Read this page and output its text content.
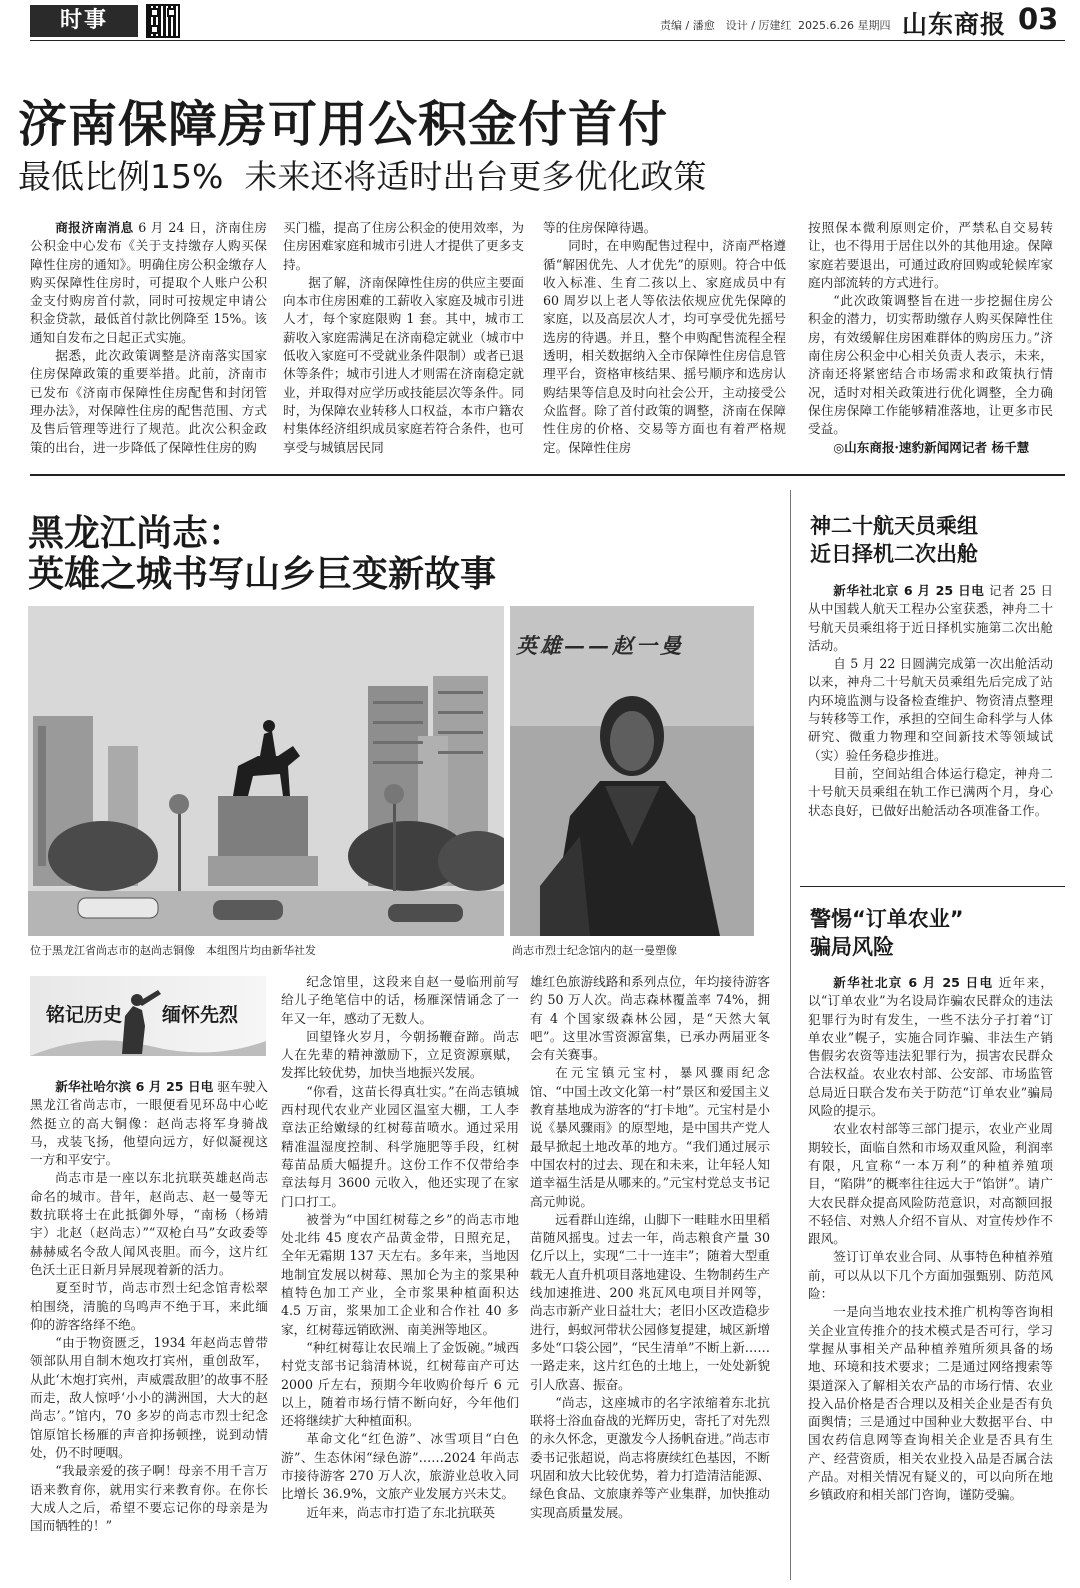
时事	责编 / 潘愈　设计 / 厉建红 2025.6.26 星期四 山东商报 03
济南保障房可用公积金付首付
最低比例15%  未来还将适时出台更多优化政策

商报济南消息 6 月 24 日，济南住房公积金中心发布《关于支持缴存人购买保障性住房的通知》。明确住房公积金缴存人购买保障性住房时，可提取个人账户公积金支付购房首付款，同时可按规定申请公积金贷款，最低首付款比例降至 15%。该通知自发布之日起正式实施。

据悉，此次政策调整是济南落实国家住房保障政策的重要举措。此前，济南市已发布《济南市保障性住房配售和封闭管理办法》，对保障性住房的配售范围、方式及售后管理等进行了规范。此次公积金政策的出台，进一步降低了保障性住房的购

买门槛，提高了住房公积金的使用效率，为住房困难家庭和城市引进人才提供了更多支持。

据了解，济南保障性住房的供应主要面向本市住房困难的工薪收入家庭及城市引进人才，每个家庭限购 1 套。其中，城市工薪收入家庭需满足在济南稳定就业（城市中低收入家庭可不受就业条件限制）或者已退休等条件；城市引进人才则需在济南稳定就业，并取得对应学历或技能层次等条件。同时，为保障农业转移人口权益，本市户籍农村集体经济组织成员家庭若符合条件，也可享受与城镇居民同

等的住房保障待遇。

同时，在申购配售过程中，济南严格遵循“解困优先、人才优先”的原则。符合中低收入标准、生育二孩以上、家庭成员中有 60 周岁以上老人等依法依规应优先保障的家庭，以及高层次人才，均可享受优先摇号选房的待遇。并且，整个申购配售流程全程透明，相关数据纳入全市保障性住房信息管理平台，资格审核结果、摇号顺序和选房认购结果等信息及时向社会公开，主动接受公众监督。除了首付政策的调整，济南在保障性住房的价格、交易等方面也有着严格规定。保障性住房

按照保本微利原则定价，严禁私自交易转让，也不得用于居住以外的其他用途。保障家庭若要退出，可通过政府回购或轮候库家庭内部流转的方式进行。

“此次政策调整旨在进一步挖掘住房公积金的潜力，切实帮助缴存人购买保障性住房，有效缓解住房困难群体的购房压力。”济南住房公积金中心相关负责人表示，未来，济南还将紧密结合市场需求和政策执行情况，适时对相关政策进行优化调整，全力确保住房保障工作能够精准落地，让更多市民受益。

◎山东商报·速豹新闻网记者 杨千慧

黑龙江尚志：
英雄之城书写山乡巨变新故事
位于黑龙江省尚志市的赵尚志铜像　本组图片均由新华社发
英雄——赵一曼
尚志市烈士纪念馆内的赵一曼塑像
铭记历史 缅怀先烈

新华社哈尔滨 6 月 25 日电 驱车驶入黑龙江省尚志市，一眼便看见环岛中心屹然挺立的高大铜像：赵尚志将军身骑战马，戎装飞扬，他望向远方，好似凝视这一方和平安宁。

尚志市是一座以东北抗联英雄赵尚志命名的城市。昔年，赵尚志、赵一曼等无数抗联将士在此抵御外辱，“南杨（杨靖宇）北赵（赵尚志）”“双枪白马”女政委等赫赫威名令敌人闻风丧胆。而今，这片红色沃土正日新月异展现着新的活力。

夏至时节，尚志市烈士纪念馆青松翠柏围绕，清脆的鸟鸣声不绝于耳，来此缅仰的游客络绎不绝。

“由于物资匮乏，1934 年赵尚志曾带领部队用自制木炮攻打宾州，重创敌军，从此‘木炮打宾州，声威震敌胆’的故事不胫而走，敌人惊呼‘小小的满洲国，大大的赵尚志’。”馆内，70 多岁的尚志市烈士纪念馆原馆长杨雁的声音抑扬顿挫，说到动情处，仍不时哽咽。

“我最亲爱的孩子啊！母亲不用千言万语来教育你，就用实行来教育你。在你长大成人之后，希望不要忘记你的母亲是为国而牺牲的！”

纪念馆里，这段来自赵一曼临刑前写给儿子绝笔信中的话，杨雁深情诵念了一年又一年，感动了无数人。

回望锋火岁月，今朝扬鞭奋蹄。尚志人在先辈的精神激励下，立足资源禀赋，发挥比较优势，加快当地振兴发展。

“你看，这苗长得真壮实。”在尚志镇城西村现代农业产业园区温室大棚，工人李章法正给嫩绿的红树莓苗喷水。通过采用精准温湿度控制、科学施肥等手段，红树莓苗品质大幅提升。这份工作不仅带给李章法每月 3600 元收入，他还实现了在家门口打工。

被誉为“中国红树莓之乡”的尚志市地处北纬 45 度农产品黄金带，日照充足，全年无霜期 137 天左右。多年来，当地因地制宜发展以树莓、黑加仑为主的浆果种植特色加工产业，全市浆果种植面积达 4.5 万亩，浆果加工企业和合作社 40 多家，红树莓远销欧洲、南美洲等地区。

“种红树莓让农民端上了金饭碗。”城西村党支部书记翁清林说，红树莓亩产可达 2000 斤左右，预期今年收购价每斤 6 元以上，随着市场行情不断向好，今年他们还将继续扩大种植面积。

革命文化“红色游”、冰雪项目“白色游”、生态休闲“绿色游”……2024 年尚志市接待游客 270 万人次，旅游业总收入同比增长 36.9%，文旅产业发展方兴未艾。

近年来，尚志市打造了东北抗联英

雄红色旅游线路和系列点位，年均接待游客约 50 万人次。尚志森林覆盖率 74%，拥有 4 个国家级森林公园，是“天然大氧吧”。这里冰雪资源富集，已承办两届亚冬会有关赛事。

在元宝镇元宝村，暴风骤雨纪念馆、“中国土改文化第一村”景区和爱国主义教育基地成为游客的“打卡地”。元宝村是小说《暴风骤雨》的原型地，是中国共产党人最早掀起土地改革的地方。“我们通过展示中国农村的过去、现在和未来，让年轻人知道幸福生活是从哪来的。”元宝村党总支书记高元帅说。

远看群山连绵，山脚下一畦畦水田里稻苗随风摇曳。过去一年，尚志粮食产量 30 亿斤以上，实现“二十一连丰”；随着大型重载无人直升机项目落地建设、生物制药生产线加速推进、200 兆瓦风电项目并网等，尚志市新产业日益壮大；老旧小区改造稳步进行，蚂蚁河带状公园修复提建，城区新增多处“口袋公园”，“民生清单”不断上新……一路走来，这片红色的土地上，一处处新貌引人欣喜、振奋。

“尚志，这座城市的名字浓缩着东北抗联将士浴血奋战的光辉历史，寄托了对先烈的永久怀念，更激发今人扬帆奋进。”尚志市委书记张超说，尚志将赓续红色基因，不断巩固和放大比较优势，着力打造清洁能源、绿色食品、文旅康养等产业集群，加快推动实现高质量发展。

神二十航天员乘组
近日择机二次出舱

新华社北京 6 月 25 日电 记者 25 日从中国载人航天工程办公室获悉，神舟二十号航天员乘组将于近日择机实施第二次出舱活动。

自 5 月 22 日圆满完成第一次出舱活动以来，神舟二十号航天员乘组先后完成了站内环境监测与设备检查维护、物资清点整理与转移等工作，承担的空间生命科学与人体研究、微重力物理和空间新技术等领域试（实）验任务稳步推进。

目前，空间站组合体运行稳定，神舟二十号航天员乘组在轨工作已满两个月，身心状态良好，已做好出舱活动各项准备工作。

警惕“订单农业”
骗局风险

新华社北京 6 月 25 日电 近年来，以“订单农业”为名设局诈骗农民群众的违法犯罪行为时有发生，一些不法分子打着“订单农业”幌子，实施合同诈骗、非法生产销售假劣农资等违法犯罪行为，损害农民群众合法权益。农业农村部、公安部、市场监管总局近日联合发布关于防范“订单农业”骗局风险的提示。

农业农村部等三部门提示，农业产业周期较长，面临自然和市场双重风险，利润率有限，凡宣称“一本万利”的种植养殖项目，“陷阱”的概率往往远大于“馅饼”。请广大农民群众提高风险防范意识，对高额回报不轻信、对熟人介绍不盲从、对宣传炒作不跟风。

签订订单农业合同、从事特色种植养殖前，可以从以下几个方面加强甄别、防范风险：

一是向当地农业技术推广机构等咨询相关企业宣传推介的技术模式是否可行，学习掌握从事相关产品种植养殖所须具备的场地、环境和技术要求；二是通过网络搜索等渠道深入了解相关农产品的市场行情、农业投入品价格是否合理以及相关企业是否有负面舆情；三是通过中国种业大数据平台、中国农药信息网等查询相关企业是否具有生产、经营资质，相关农业投入品是否属合法产品。对相关情况有疑义的，可以向所在地乡镇政府和相关部门咨询，谨防受骗。
